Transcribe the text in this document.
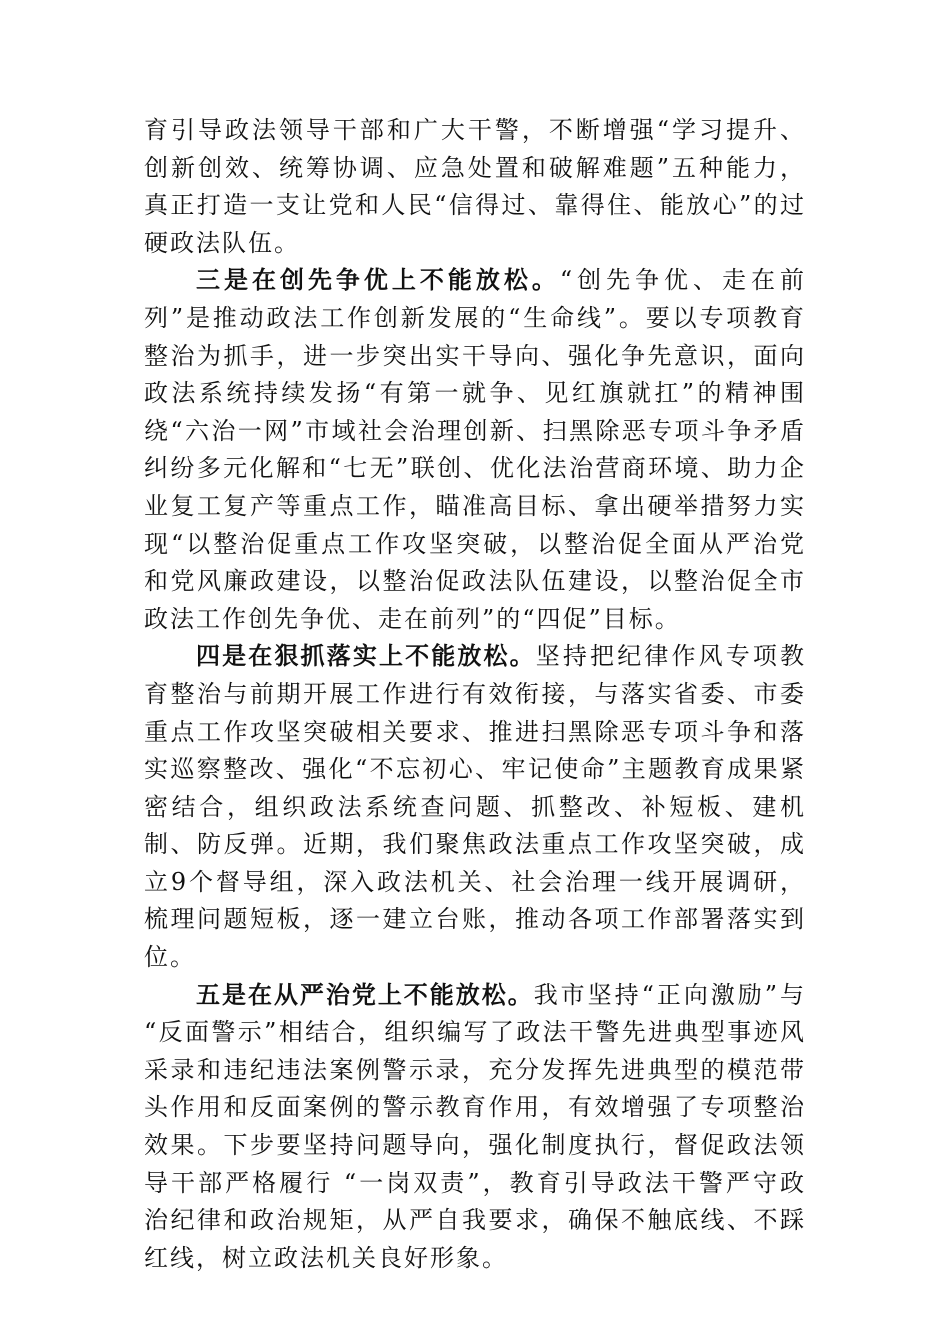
育引导政法领导干部和广大干警，不断增强“学习提升、创新创效、统筹协调、应急处置和破解难题”五种能力，真正打造一支让党和人民“信得过、靠得住、能放心”的过硬政法队伍。

三是在创先争优上不能放松。“创先争优、走在前列”是推动政法工作创新发展的“生命线”。要以专项教育整治为抓手，进一步突出实干导向、强化争先意识，面向政法系统持续发扬“有第一就争、见红旗就扛”的精神围绕“六治一网”市域社会治理创新、扫黑除恶专项斗争矛盾纠纷多元化解和“七无”联创、优化法治营商环境、助力企业复工复产等重点工作，瞄准高目标、拿出硬举措努力实现“以整治促重点工作攻坚突破，以整治促全面从严治党和党风廉政建设，以整治促政法队伍建设，以整治促全市政法工作创先争优、走在前列”的“四促”目标。

四是在狠抓落实上不能放松。坚持把纪律作风专项教育整治与前期开展工作进行有效衔接，与落实省委、市委重点工作攻坚突破相关要求、推进扫黑除恶专项斗争和落实巡察整改、强化“不忘初心、牢记使命”主题教育成果紧密结合，组织政法系统查问题、抓整改、补短板、建机制、防反弹。近期，我们聚焦政法重点工作攻坚突破，成立9个督导组，深入政法机关、社会治理一线开展调研，梳理问题短板，逐一建立台账，推动各项工作部署落实到位。

五是在从严治党上不能放松。我市坚持“正向激励”与 “反面警示”相结合，组织编写了政法干警先进典型事迹风采录和违纪违法案例警示录，充分发挥先进典型的模范带头作用和反面案例的警示教育作用，有效增强了专项整治效果。下步要坚持问题导向，强化制度执行，督促政法领导干部严格履行 “一岗双责”，教育引导政法干警严守政治纪律和政治规矩，从严自我要求，确保不触底线、不踩红线，树立政法机关良好形象。
